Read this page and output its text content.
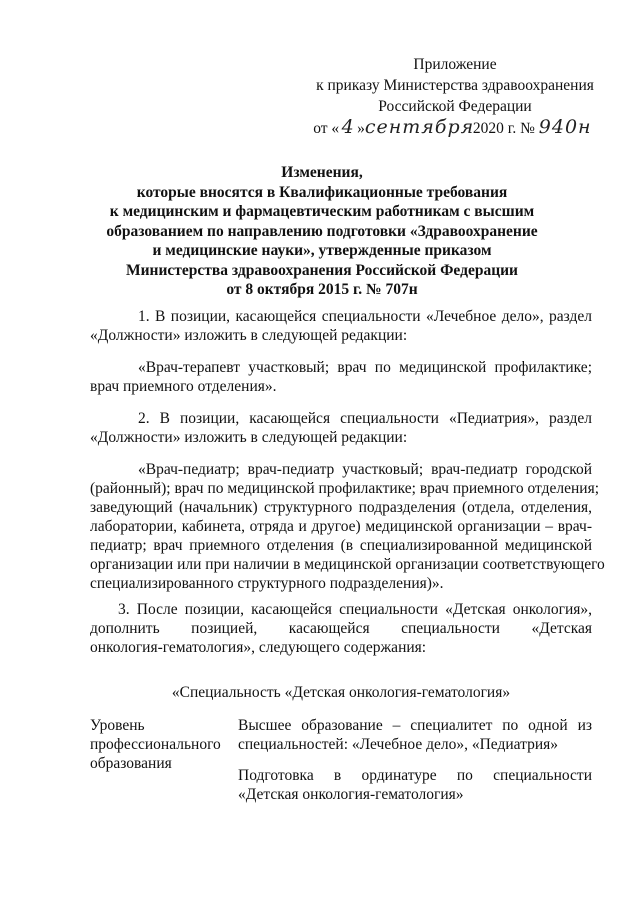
Приложение
к приказу Министерства здравоохранения
Российской Федерации
от « 4 »сентября2020 г. № 940н
Изменения,
которые вносятся в Квалификационные требования
к медицинским и фармацевтическим работникам с высшим
образованием по направлению подготовки «Здравоохранение
и медицинские науки», утвержденные приказом
Министерства здравоохранения Российской Федерации
от 8 октября 2015 г. № 707н
1. В позиции, касающейся специальности «Лечебное дело», раздел
«Должности» изложить в следующей редакции:
«Врач-терапевт участковый; врач по медицинской профилактике;
врач приемного отделения».
2. В позиции, касающейся специальности «Педиатрия», раздел
«Должности» изложить в следующей редакции:
«Врач-педиатр; врач-педиатр участковый; врач-педиатр городской
(районный); врач по медицинской профилактике; врач приемного отделения;
заведующий (начальник) структурного подразделения (отдела, отделения,
лаборатории, кабинета, отряда и другое) медицинской организации – врач-
педиатр; врач приемного отделения (в специализированной медицинской
организации или при наличии в медицинской организации соответствующего
специализированного структурного подразделения)».
3. После позиции, касающейся специальности «Детская онкология»,
дополнить позицией, касающейся специальности «Детская
онкология-гематология», следующего содержания:
«Специальность «Детская онкология-гематология»
Уровень
профессионального
образования
Высшее образование – специалитет по одной из
специальностей: «Лечебное дело», «Педиатрия»
Подготовка в ординатуре по специальности
«Детская онкология-гематология»
